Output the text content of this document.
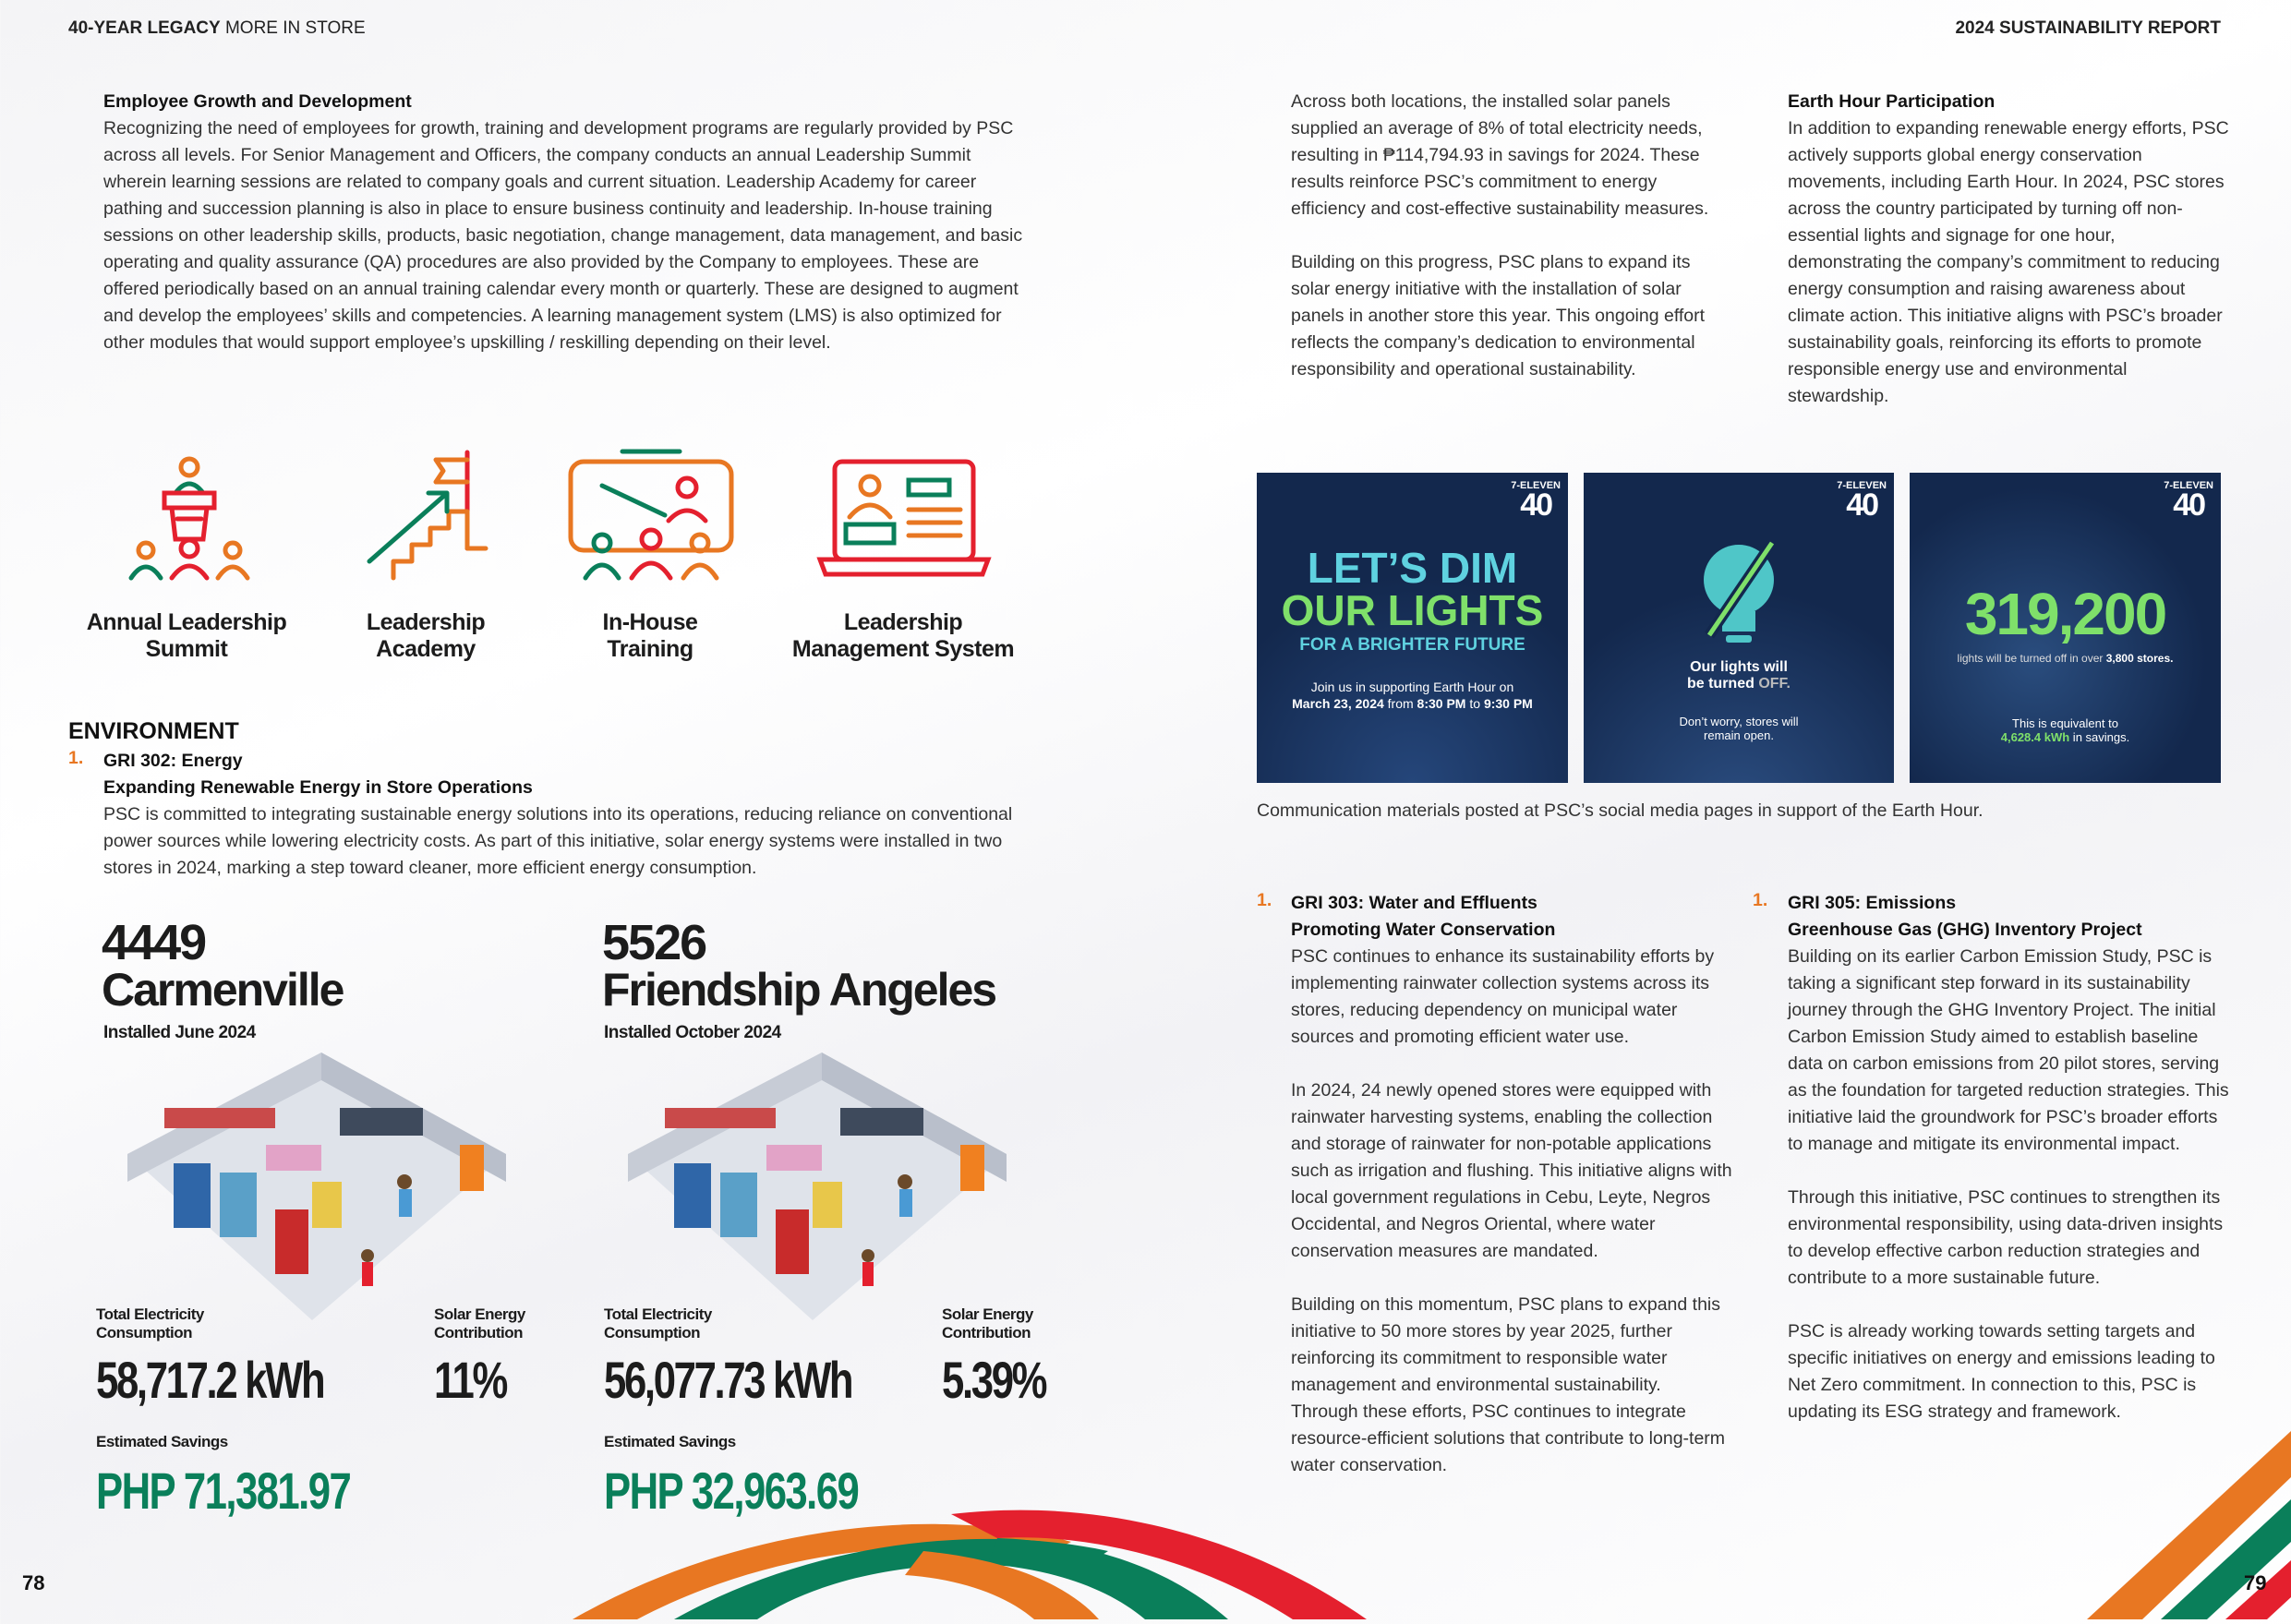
40-YEAR LEGACY MORE IN STORE	2024 SUSTAINABILITY REPORT
Employee Growth and Development

Recognizing the need of employees for growth, training and development programs are regularly provided by PSC across all levels. For Senior Management and Officers, the company conducts an annual Leadership Summit wherein learning sessions are related to company goals and current situation. Leadership Academy for career pathing and succession planning is also in place to ensure business continuity and leadership. In-house training sessions on other leadership skills, products, basic negotiation, change management, data management, and basic operating and quality assurance (QA) procedures are also provided by the Company to employees. These are offered periodically based on an annual training calendar every month or quarterly. These are designed to augment and develop the employees’ skills and competencies. A learning management system (LMS) is also optimized for other modules that would support employee’s upskilling / reskilling depending on their level.

Annual Leadership
Summit
Leadership
Academy
In-House
Training
Leadership
Management System
ENVIRONMENT
1. GRI 302: Energy
Expanding Renewable Energy in Store Operations

PSC is committed to integrating sustainable energy solutions into its operations, reducing reliance on conventional power sources while lowering electricity costs. As part of this initiative, solar energy systems were installed in two stores in 2024, marking a step toward cleaner, more efficient energy consumption.

4449
Carmenville
Installed June 2024
5526
Friendship Angeles
Installed October 2024
Total Electricity
Consumption
Solar Energy
Contribution
58,717.2 kWh 11%
Estimated Savings
PHP 71,381.97
Total Electricity
Consumption
Solar Energy
Contribution
56,077.73 kWh 5.39%
Estimated Savings
PHP 32,963.69
78	79

Across both locations, the installed solar panels supplied an average of 8% of total electricity needs, resulting in ₱114,794.93 in savings for 2024. These results reinforce PSC’s commitment to energy efficiency and cost-effective sustainability measures.

Building on this progress, PSC plans to expand its solar energy initiative with the installation of solar panels in another store this year. This ongoing effort reflects the company’s dedication to environmental responsibility and operational sustainability.

Earth Hour Participation

In addition to expanding renewable energy efforts, PSC actively supports global energy conservation movements, including Earth Hour. In 2024, PSC stores across the country participated by turning off non-essential lights and signage for one hour, demonstrating the company’s commitment to reducing energy consumption and raising awareness about climate action. This initiative aligns with PSC’s broader sustainability goals, reinforcing its efforts to promote responsible energy use and environmental stewardship.

7-ELEVEN
40
LET’S DIM
OUR LIGHTS
FOR A BRIGHTER FUTURE
Join us in supporting Earth Hour on
March 23, 2024 from 8:30 PM to 9:30 PM
7-ELEVEN
40
Our lights will
be turned OFF.
Don’t worry, stores will
remain open.
7-ELEVEN
40
319,200
lights will be turned off in over 3,800 stores.
This is equivalent to
4,628.4 kWh in savings.
Communication materials posted at PSC’s social media pages in support of the Earth Hour.
1. GRI 303: Water and Effluents
Promoting Water Conservation

PSC continues to enhance its sustainability efforts by implementing rainwater collection systems across its stores, reducing dependency on municipal water sources and promoting efficient water use.

In 2024, 24 newly opened stores were equipped with rainwater harvesting systems, enabling the collection and storage of rainwater for non-potable applications such as irrigation and flushing. This initiative aligns with local government regulations in Cebu, Leyte, Negros Occidental, and Negros Oriental, where water conservation measures are mandated.

Building on this momentum, PSC plans to expand this initiative to 50 more stores by year 2025, further reinforcing its commitment to responsible water management and environmental sustainability. Through these efforts, PSC continues to integrate resource-efficient solutions that contribute to long-term water conservation.

1. GRI 305: Emissions
Greenhouse Gas (GHG) Inventory Project

Building on its earlier Carbon Emission Study, PSC is taking a significant step forward in its sustainability journey through the GHG Inventory Project. The initial Carbon Emission Study aimed to establish baseline data on carbon emissions from 20 pilot stores, serving as the foundation for targeted reduction strategies. This initiative laid the groundwork for PSC’s broader efforts to manage and mitigate its environmental impact.

Through this initiative, PSC continues to strengthen its environmental responsibility, using data-driven insights to develop effective carbon reduction strategies and contribute to a more sustainable future.

PSC is already working towards setting targets and specific initiatives on energy and emissions leading to Net Zero commitment. In connection to this, PSC is updating its ESG strategy and framework.
